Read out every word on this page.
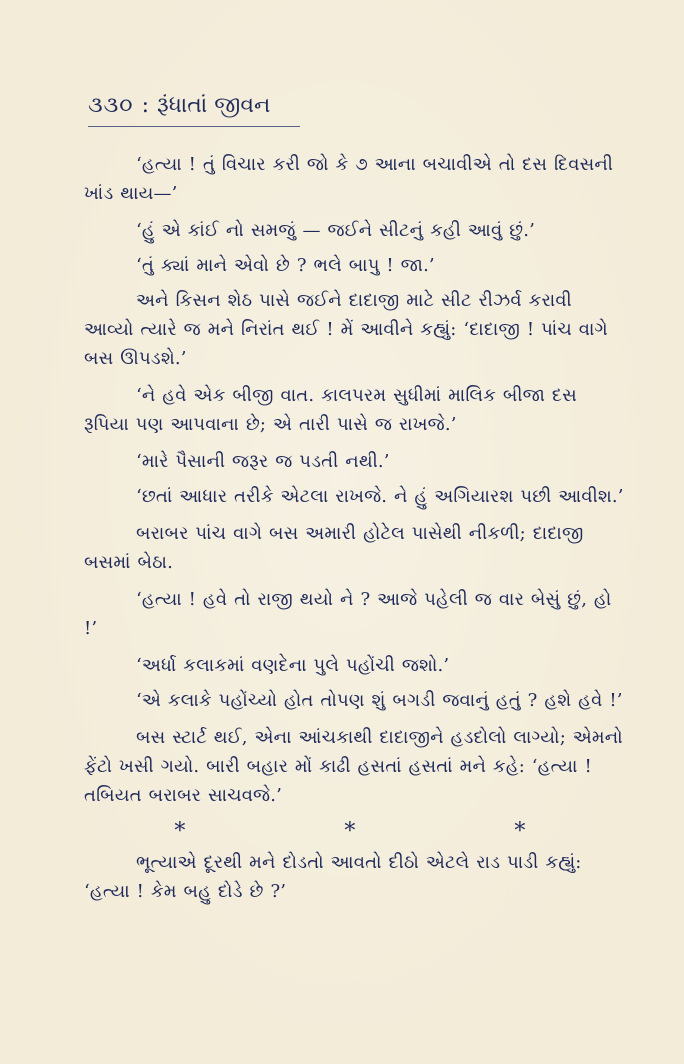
૩૩૦ : રૂંધાતાં જીવન

‘હત્યા ! તું વિચાર કરી જો કે ૭ આના બચાવીએ તો દસ દિવસની ખાંડ થાય—’

‘હું એ કાંઈ નો સમજું — જઈને સીટનું કહી આવું છું.’

‘તું ક્યાં માને એવો છે ? ભલે બાપુ ! જા.’

અને કિસન શેઠ પાસે જઈને દાદાજી માટે સીટ રીઝર્વ કરાવી આવ્યો ત્યારે જ મને નિરાંત થઈ ! મેં આવીને કહ્યું: ‘દાદાજી ! પાંચ વાગે બસ ઊપડશે.’

‘ને હવે એક બીજી વાત. કાલપરમ સુધીમાં માલિક બીજા દસ રૂપિયા પણ આપવાના છે; એ તારી પાસે જ રાખજે.’

‘મારે પૈસાની જરૂર જ પડતી નથી.’

‘છતાં આધાર તરીકે એટલા રાખજે. ને હું અગિયારશ પછી આવીશ.’

બરાબર પાંચ વાગે બસ અમારી હોટેલ પાસેથી નીકળી; દાદાજી બસમાં બેઠા.

‘હત્યા ! હવે તો રાજી થયો ને ? આજે પહેલી જ વાર બેસું છું, હો !’

‘અર્ધા કલાકમાં વણદેના પુલે પહોંચી જશો.’

‘એ કલાકે પહોંચ્યો હોત તોપણ શું બગડી જવાનું હતું ? હશે હવે !’

બસ સ્ટાર્ટ થઈ, એના આંચકાથી દાદાજીને હડદોલો લાગ્યો; એમનો ફેંટો ખસી ગયો. બારી બહાર મોં કાઢી હસતાં હસતાં મને કહે: ‘હત્યા ! તબિયત બરાબર સાચવજે.’

*	*	*

ભૂત્યાએ દૂરથી મને દોડતો આવતો દીઠો એટલે રાડ પાડી કહ્યું: ‘હત્યા ! કેમ બહુ દોડે છે ?’
